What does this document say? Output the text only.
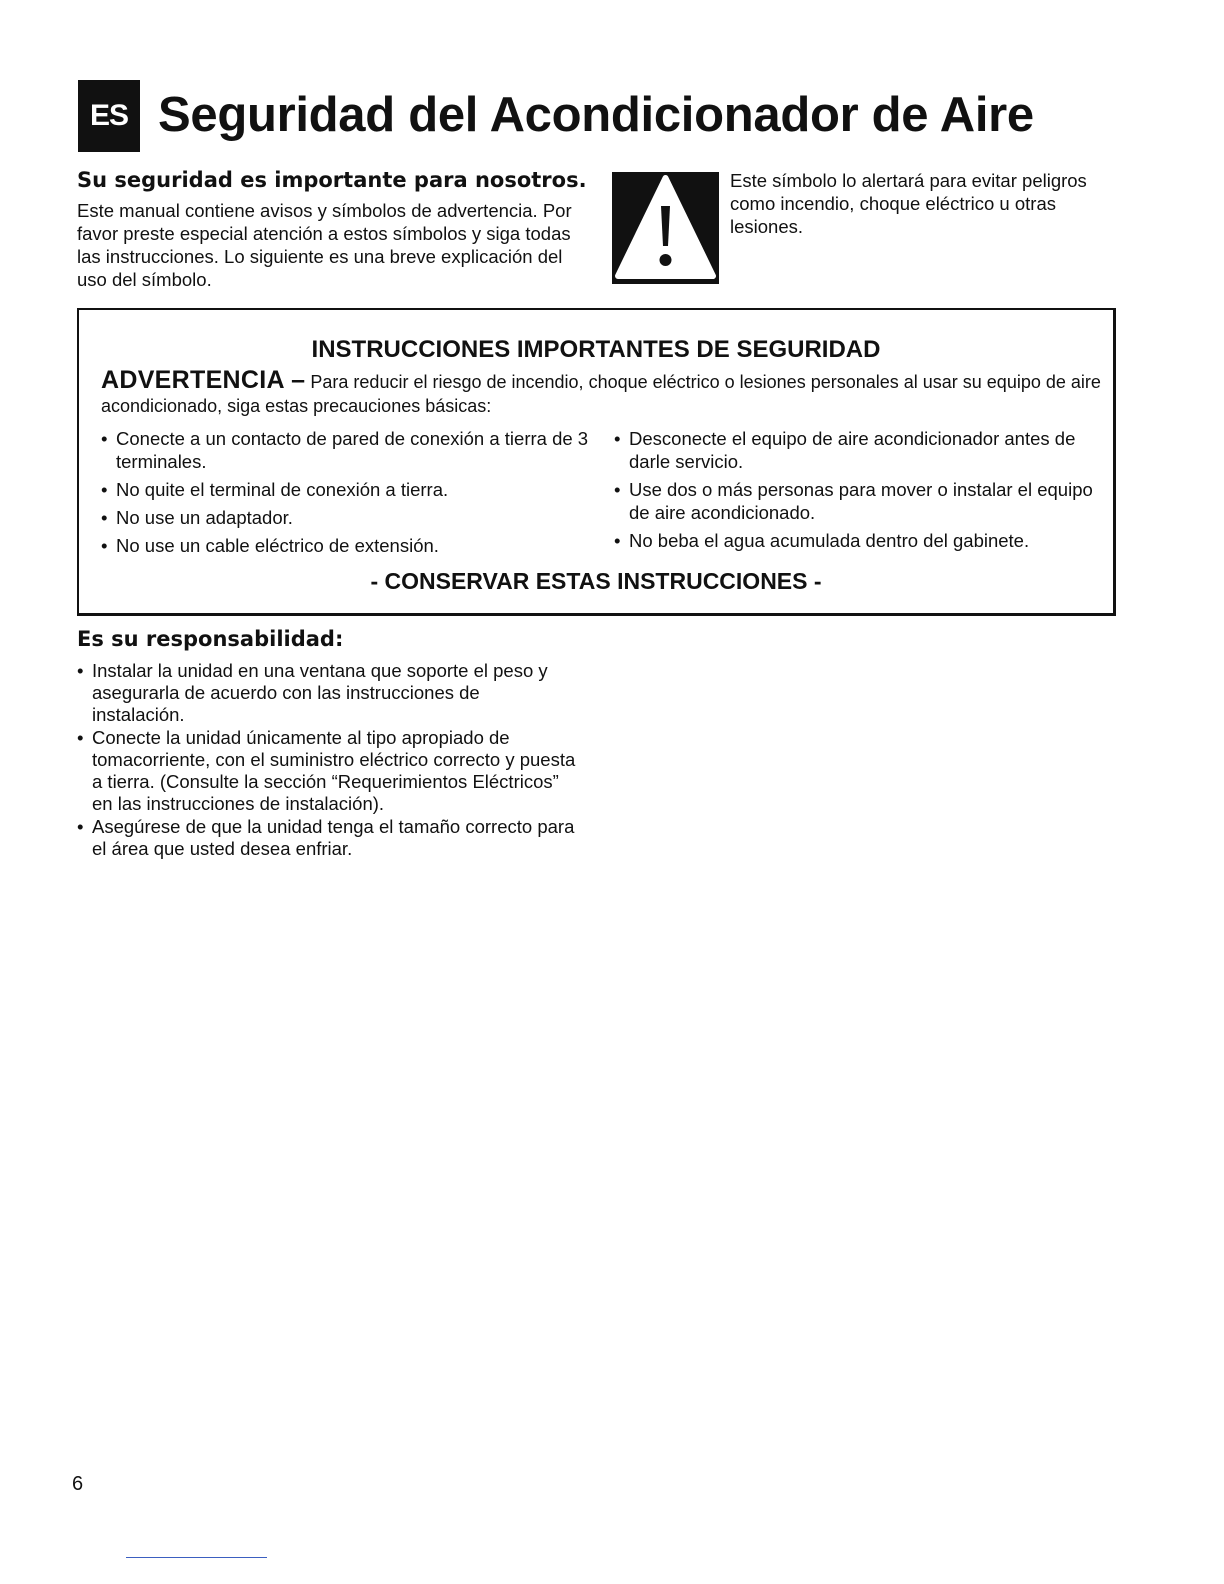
ES Seguridad del Acondicionador de Aire
Su seguridad es importante para nosotros.

Este manual contiene avisos y símbolos de advertencia. Por favor preste especial atención a estos símbolos y siga todas las instrucciones. Lo siguiente es una breve explicación del uso del símbolo.

Este símbolo lo alertará para evitar peligros como incendio, choque eléctrico u otras lesiones.

INSTRUCCIONES IMPORTANTES DE SEGURIDAD
ADVERTENCIA – Para reducir el riesgo de incendio, choque eléctrico o lesiones personales al usar su equipo de aire acondicionado, siga estas precauciones básicas:
• Conecte a un contacto de pared de conexión a tierra de 3 terminales.
• No quite el terminal de conexión a tierra.
• No use un adaptador.
• No use un cable eléctrico de extensión.
• Desconecte el equipo de aire acondicionador antes de darle servicio.
• Use dos o más personas para mover o instalar el equipo de aire acondicionado.
• No beba el agua acumulada dentro del gabinete.
- CONSERVAR ESTAS INSTRUCCIONES -
Es su responsabilidad:
• Instalar la unidad en una ventana que soporte el peso y asegurarla de acuerdo con las instrucciones de instalación.
• Conecte la unidad únicamente al tipo apropiado de tomacorriente, con el suministro eléctrico correcto y puesta a tierra. (Consulte la sección “Requerimientos Eléctricos” en las instrucciones de instalación).
• Asegúrese de que la unidad tenga el tamaño correcto para el área que usted desea enfriar.
6
